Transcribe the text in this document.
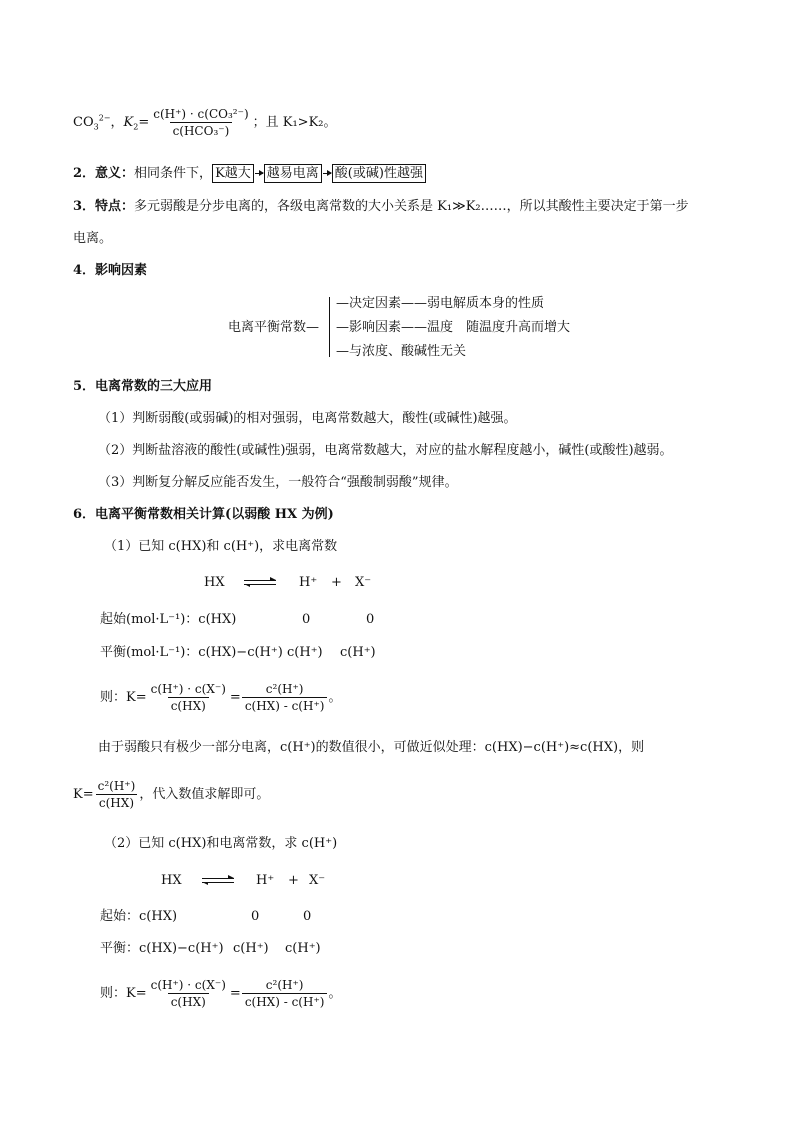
$CO_3^{2-}$，$K_2= \frac{\text{c(H⁺) · c(CO₃²⁻)}}{\text{c(HCO₃⁻)}}$ ；且 K₁>K₂。
2．意义：相同条件下， K越大 越易电离 酸(或碱)性越强
3．特点：多元弱酸是分步电离的，各级电离常数的大小关系是 K₁≫K₂……，所以其酸性主要决定于第一步
电离。
4．影响因素
电离平衡常数—
—决定因素——弱电解质本身的性质
—影响因素——温度　随温度升高而增大
—与浓度、酸碱性无关
5．电离常数的三大应用
（1）判断弱酸(或弱碱)的相对强弱，电离常数越大，酸性(或碱性)越强。
（2）判断盐溶液的酸性(或碱性)强弱，电离常数越大，对应的盐水解程度越小，碱性(或酸性)越弱。
（3）判断复分解反应能否发生，一般符合“强酸制弱酸”规律。
6．电离平衡常数相关计算(以弱酸 HX 为例)
（1）已知 c(HX)和 c(H⁺)，求电离常数
HX ⇌ H⁺ + X⁻
起始(mol·L⁻¹)：c(HX)	0	0
平衡(mol·L⁻¹)：c(HX)−c(H⁺) c(H⁺) c(H⁺)
则：$K= \frac{c(H^+) \cdot c(X^-)}{c(HX)} = \frac{\text{c²(H⁺)}}{c(HX) - c(H^+)}$ 。
由于弱酸只有极少一部分电离，c(H⁺)的数值很小，可做近似处理：c(HX)−c(H⁺)≈c(HX)，则
$K= \frac{\text{c²(H⁺)}}{c(HX)}$ ，代入数值求解即可。
（2）已知 c(HX)和电离常数，求 c(H⁺)
HX	H⁺ + X⁻
起始：c(HX)	0	0
平衡：c(HX)−c(H⁺) c(H⁺) c(H⁺)
则：$K= \frac{c(H^+) \cdot c(X^-)}{c(HX)} = \frac{\text{c²(H⁺)}}{c(HX) - c(H^+)}$ 。
